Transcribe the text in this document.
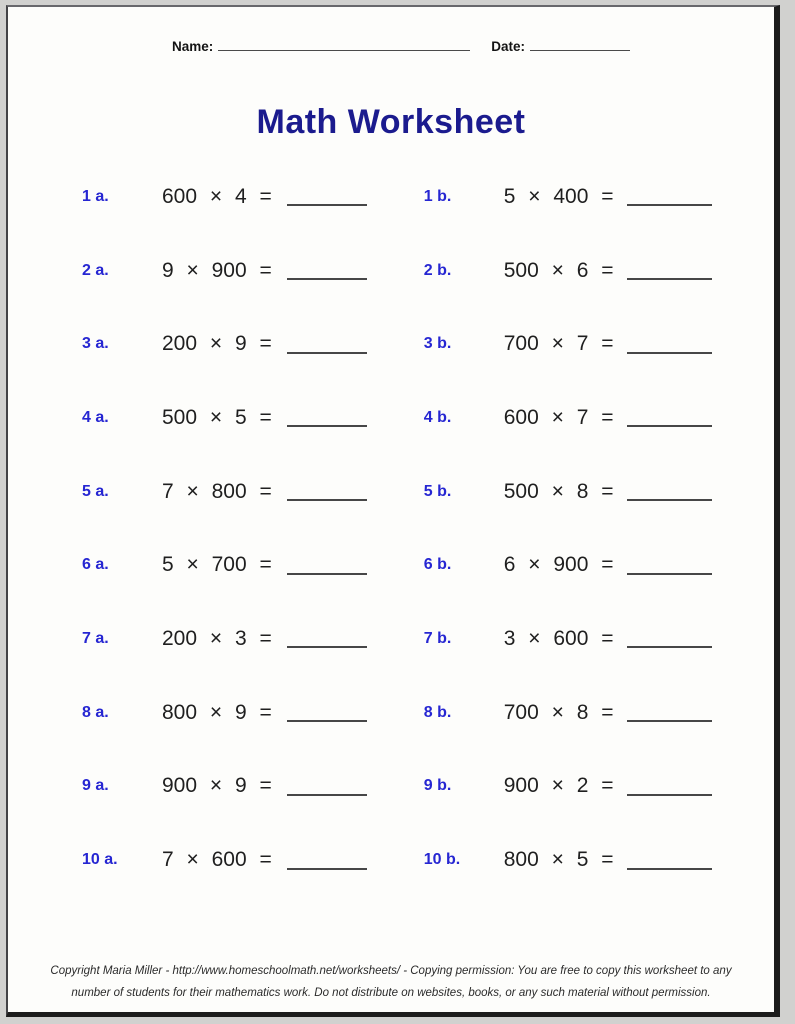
Name:	Date:
Math Worksheet
1 a.	600 × 4 =	1 b.	5 × 400 =
2 a.	9 × 900 =	2 b.	500 × 6 =
3 a.	200 × 9 =	3 b.	700 × 7 =
4 a.	500 × 5 =	4 b.	600 × 7 =
5 a.	7 × 800 =	5 b.	500 × 8 =
6 a.	5 × 700 =	6 b.	6 × 900 =
7 a.	200 × 3 =	7 b.	3 × 600 =
8 a.	800 × 9 =	8 b.	700 × 8 =
9 a.	900 × 9 =	9 b.	900 × 2 =
10 a.	7 × 600 =	10 b.	800 × 5 =
Copyright Maria Miller - http://www.homeschoolmath.net/worksheets/ - Copying permission: You are free to copy this worksheet to any
number of students for their mathematics work. Do not distribute on websites, books, or any such material without permission.
